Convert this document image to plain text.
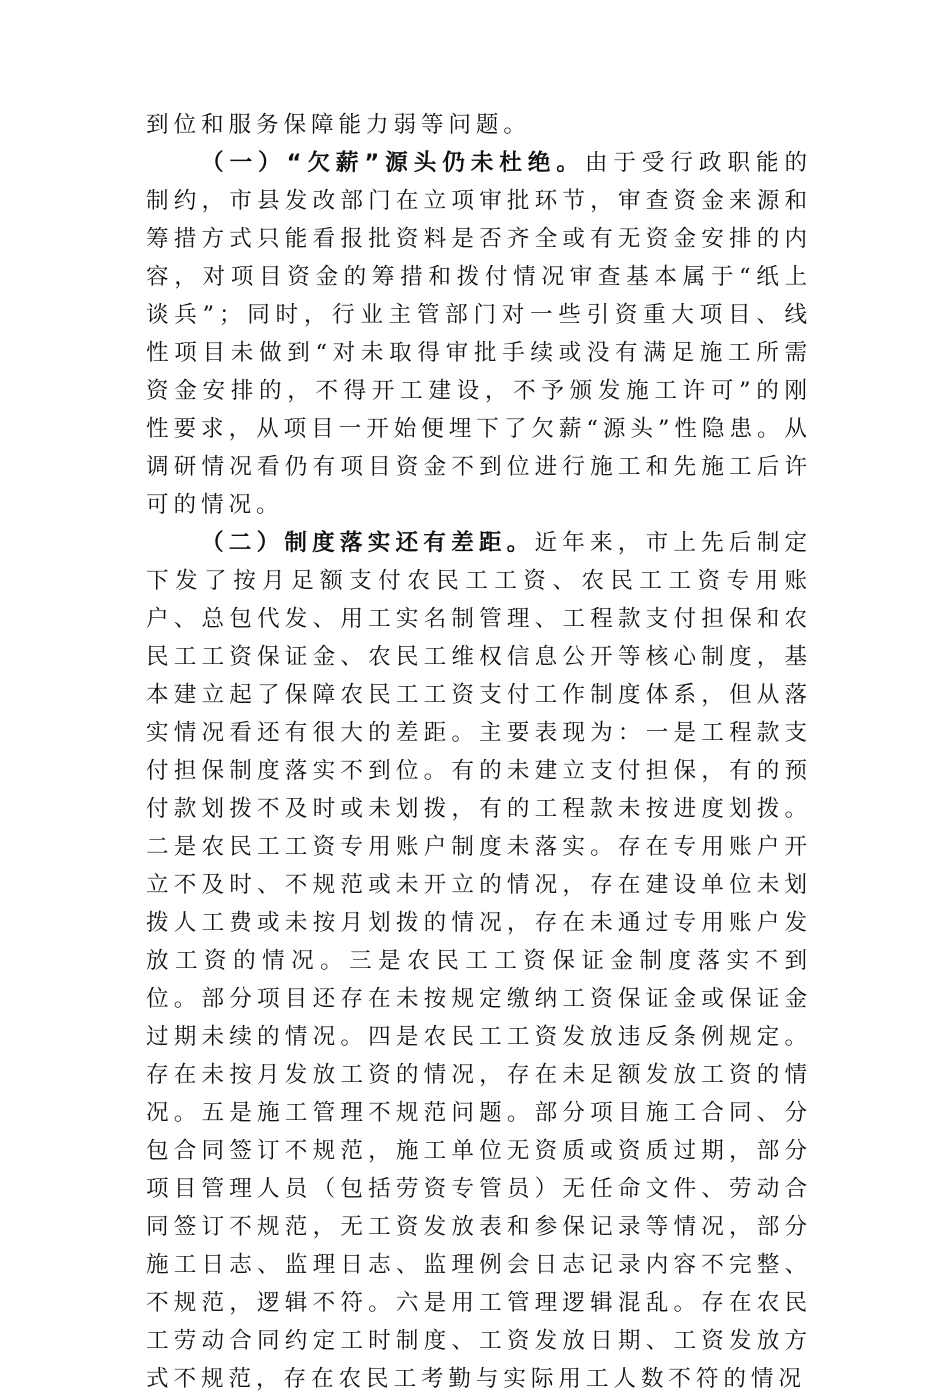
到位和服务保障能力弱等问题。

（一）“欠薪”源头仍未杜绝。由于受行政职能的制约，市县发改部门在立项审批环节，审查资金来源和筹措方式只能看报批资料是否齐全或有无资金安排的内容，对项目资金的筹措和拨付情况审查基本属于“纸上谈兵”；同时，行业主管部门对一些引资重大项目、线性项目未做到“对未取得审批手续或没有满足施工所需资金安排的，不得开工建设，不予颁发施工许可”的刚性要求，从项目一开始便埋下了欠薪“源头”性隐患。从调研情况看仍有项目资金不到位进行施工和先施工后许可的情况。

（二）制度落实还有差距。近年来，市上先后制定下发了按月足额支付农民工工资、农民工工资专用账户、总包代发、用工实名制管理、工程款支付担保和农民工工资保证金、农民工维权信息公开等核心制度，基本建立起了保障农民工工资支付工作制度体系，但从落实情况看还有很大的差距。主要表现为：一是工程款支付担保制度落实不到位。有的未建立支付担保，有的预付款划拨不及时或未划拨，有的工程款未按进度划拨。二是农民工工资专用账户制度未落实。存在专用账户开立不及时、不规范或未开立的情况，存在建设单位未划拨人工费或未按月划拨的情况，存在未通过专用账户发放工资的情况。三是农民工工资保证金制度落实不到位。部分项目还存在未按规定缴纳工资保证金或保证金过期未续的情况。四是农民工工资发放违反条例规定。存在未按月发放工资的情况，存在未足额发放工资的情况。五是施工管理不规范问题。部分项目施工合同、分包合同签订不规范，施工单位无资质或资质过期，部分项目管理人员（包括劳资专管员）无任命文件、劳动合同签订不规范，无工资发放表和参保记录等情况，部分施工日志、监理日志、监理例会日志记录内容不完整、不规范，逻辑不符。六是用工管理逻辑混乱。存在农民工劳动合同约定工时制度、工资发放日期、工资发放方式不规范，存在农民工考勤与实际用工人数不符的情况
